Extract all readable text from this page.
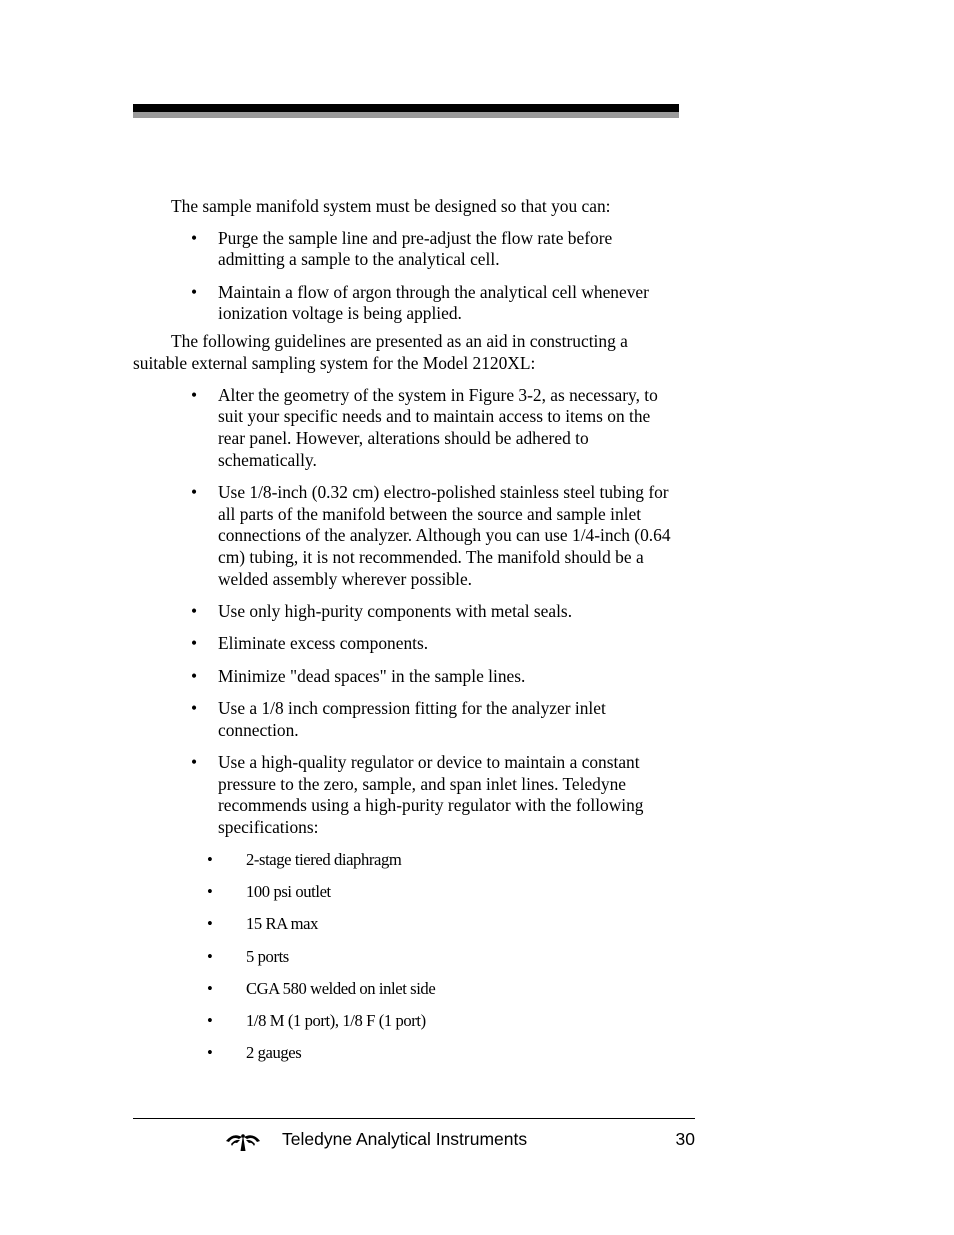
The sample manifold system must be designed so that you can:

• Purge the sample line and pre-adjust the flow rate before admitting a sample to the analytical cell.
• Maintain a flow of argon through the analytical cell whenever ionization voltage is being applied.

The following guidelines are presented as an aid in constructing a suitable external sampling system for the Model 2120XL:

• Alter the geometry of the system in Figure 3-2, as necessary, to suit your specific needs and to maintain access to items on the rear panel. However, alterations should be adhered to schematically.
• Use 1/8-inch (0.32 cm) electro-polished stainless steel tubing for all parts of the manifold between the source and sample inlet connections of the analyzer. Although you can use 1/4-inch (0.64 cm) tubing, it is not recommended. The manifold should be a welded assembly wherever possible.
• Use only high-purity components with metal seals.
• Eliminate excess components.
• Minimize "dead spaces" in the sample lines.
• Use a 1/8 inch compression fitting for the analyzer inlet connection.
• Use a high-quality regulator or device to maintain a constant pressure to the zero, sample, and span inlet lines. Teledyne recommends using a high-purity regulator with the following specifications:
• 2-stage tiered diaphragm
• 100 psi outlet
• 15 RA max
• 5 ports
• CGA 580 welded on inlet side
• 1/8 M (1 port), 1/8 F (1 port)
• 2 gauges
Teledyne Analytical Instruments	30
